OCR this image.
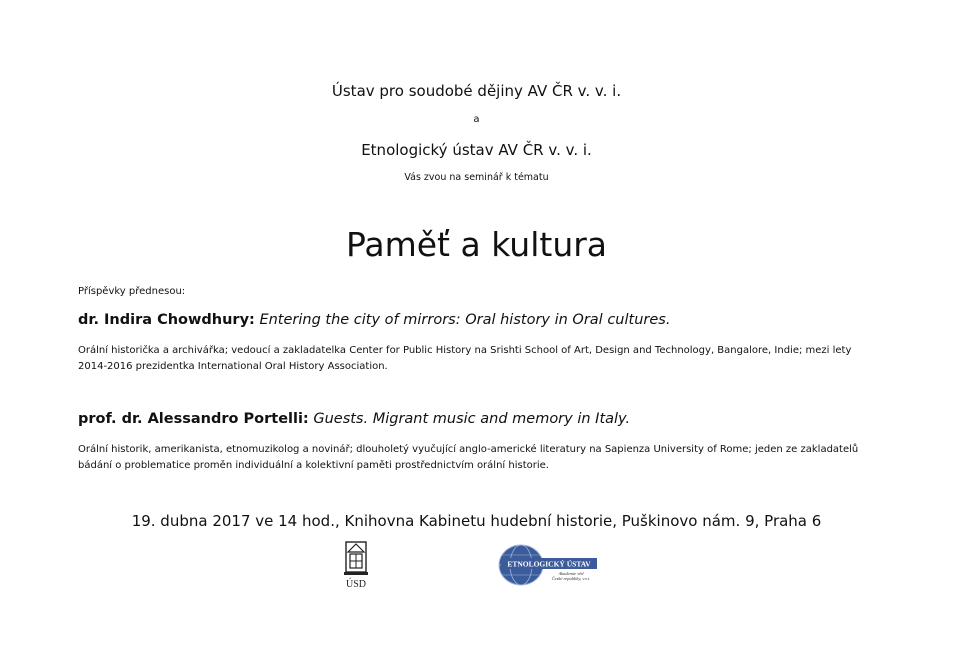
Ústav pro soudobé dějiny AV ČR v. v. i.
a
Etnologický ústav AV ČR v. v. i.
Vás zvou na seminář k tématu
Paměť a kultura
Příspěvky přednesou:
dr. Indira Chowdhury: Entering the city of mirrors: Oral history in Oral cultures.
Orální historička a archivářka; vedoucí a zakladatelka Center for Public History na Srishti School of Art, Design and Technology, Bangalore, Indie; mezi lety 2014-2016 prezidentka International Oral History Association.
prof. dr. Alessandro Portelli: Guests. Migrant music and memory in Italy.
Orální historik, amerikanista, etnomuzikolog a novinář; dlouholetý vyučující anglo-americké literatury na Sapienza University of Rome; jeden ze zakladatelů bádání o problematice proměn individuální a kolektivní paměti prostřednictvím orální historie.
19. dubna 2017 ve 14 hod., Knihovna Kabinetu hudební historie, Puškinovo nám. 9, Praha 6
ÚSD
ETNOLOGICKÝ ÚSTAV
Akademie věd
České republiky, v.v.i.
